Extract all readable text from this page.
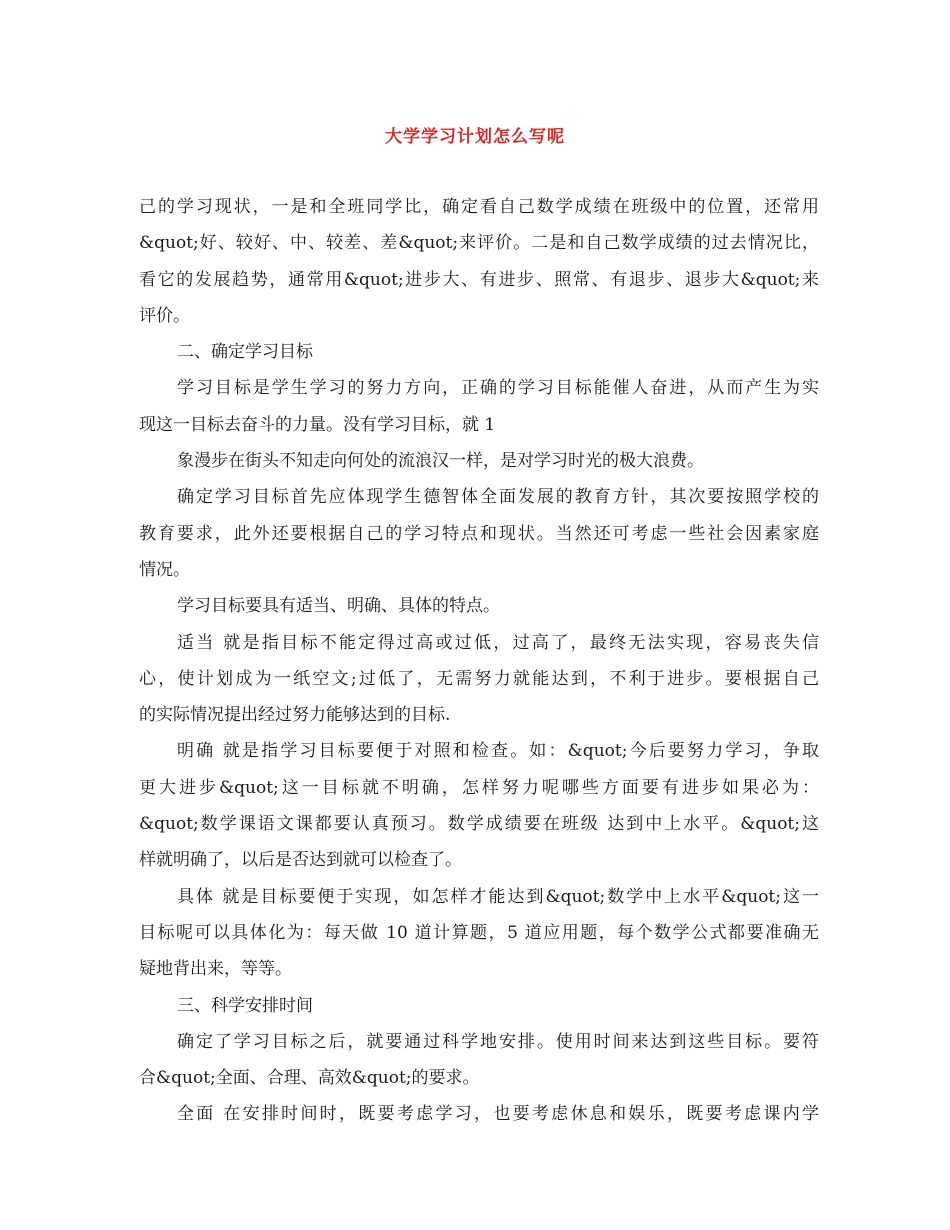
大学学习计划怎么写呢
己的学习现状，一是和全班同学比，确定看自己数学成绩在班级中的位置，还常用
&quot;好、较好、中、较差、差&quot;来评价。二是和自己数学成绩的过去情况比，
看它的发展趋势，通常用&quot;进步大、有进步、照常、有退步、退步大&quot;来
评价。
二、确定学习目标
学习目标是学生学习的努力方向，正确的学习目标能催人奋进，从而产生为实
现这一目标去奋斗的力量。没有学习目标，就 1
象漫步在街头不知走向何处的流浪汉一样，是对学习时光的极大浪费。
确定学习目标首先应体现学生德智体全面发展的教育方针，其次要按照学校的
教育要求，此外还要根据自己的学习特点和现状。当然还可考虑一些社会因素家庭
情况。
学习目标要具有适当、明确、具体的特点。
适当 就是指目标不能定得过高或过低，过高了，最终无法实现，容易丧失信
心，使计划成为一纸空文;过低了，无需努力就能达到，不利于进步。要根据自己
的实际情况提出经过努力能够达到的目标.
明确 就是指学习目标要便于对照和检查。如：&quot;今后要努力学习，争取
更大进步&quot;这一目标就不明确，怎样努力呢哪些方面要有进步如果必为：
&quot;数学课语文课都要认真预习。数学成绩要在班级 达到中上水平。&quot;这
样就明确了，以后是否达到就可以检查了。
具体 就是目标要便于实现，如怎样才能达到&quot;数学中上水平&quot;这一
目标呢可以具体化为：每天做 10 道计算题，5 道应用题，每个数学公式都要准确无
疑地背出来，等等。
三、科学安排时间
确定了学习目标之后，就要通过科学地安排。使用时间来达到这些目标。要符
合&quot;全面、合理、高效&quot;的要求。
全面 在安排时间时，既要考虑学习，也要考虑休息和娱乐，既要考虑课内学
